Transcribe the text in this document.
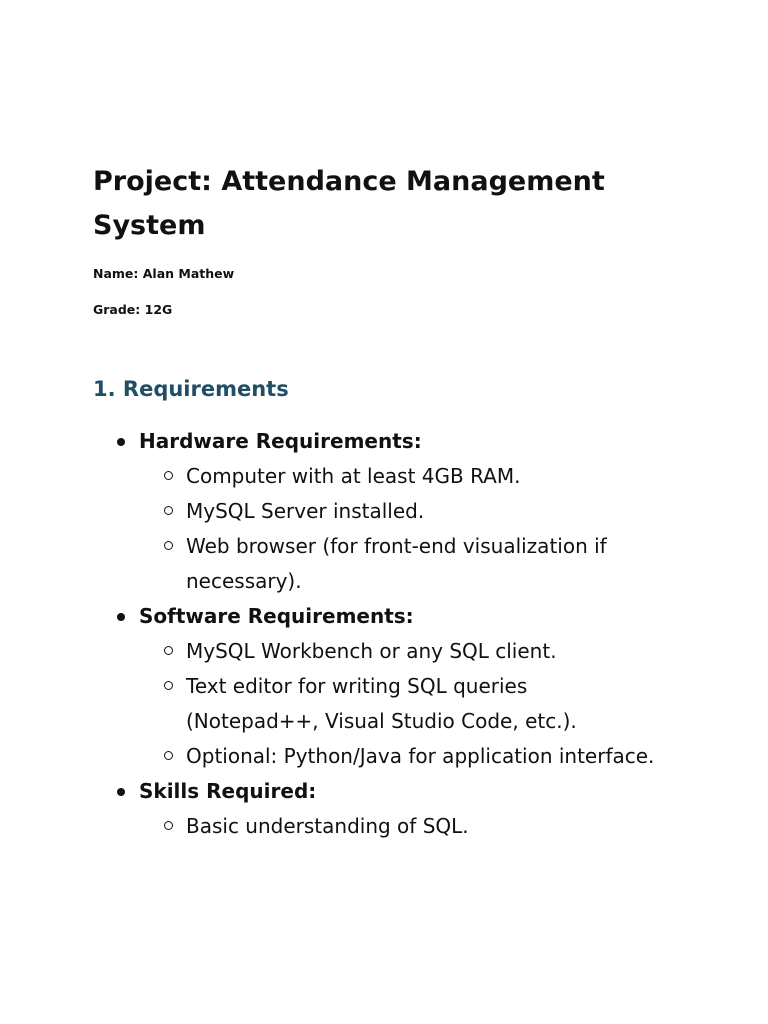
Project: Attendance Management System

Name: Alan Mathew

Grade: 12G

1. Requirements
Hardware Requirements:
Computer with at least 4GB RAM.
MySQL Server installed.
Web browser (for front-end visualization if necessary).
Software Requirements:
MySQL Workbench or any SQL client.
Text editor for writing SQL queries (Notepad++, Visual Studio Code, etc.).
Optional: Python/Java for application interface.
Skills Required:
Basic understanding of SQL.
